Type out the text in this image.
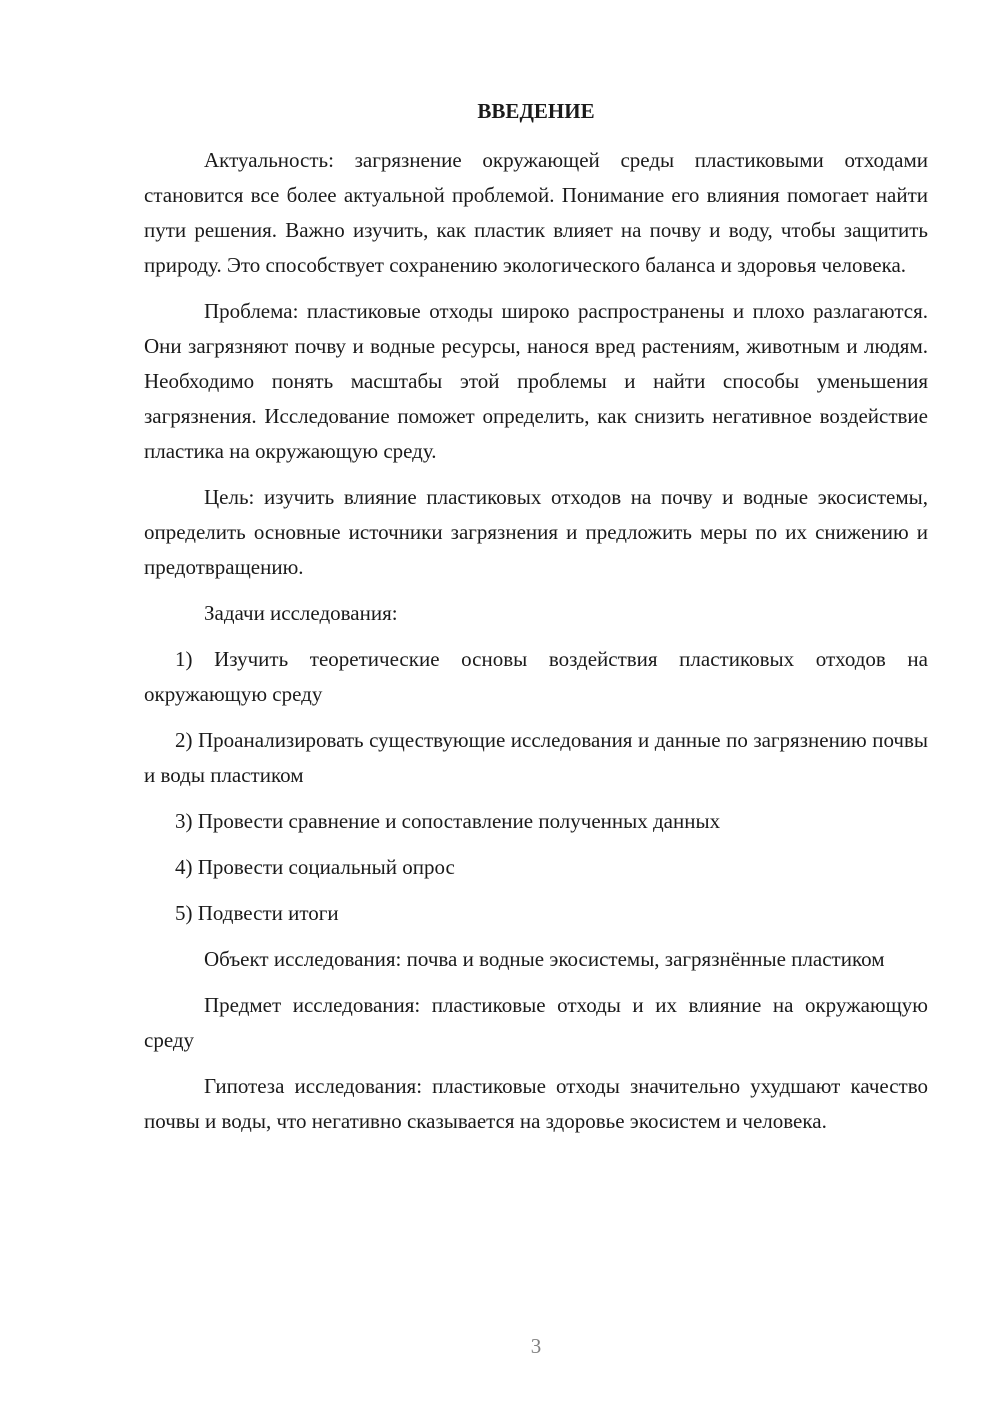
ВВЕДЕНИЕ

Актуальность: загрязнение окружающей среды пластиковыми отходами становится все более актуальной проблемой. Понимание его влияния помогает найти пути решения. Важно изучить, как пластик влияет на почву и воду, чтобы защитить природу. Это способствует сохранению экологического баланса и здоровья человека.

Проблема: пластиковые отходы широко распространены и плохо разлагаются. Они загрязняют почву и водные ресурсы, нанося вред растениям, животным и людям. Необходимо понять масштабы этой проблемы и найти способы уменьшения загрязнения. Исследование поможет определить, как снизить негативное воздействие пластика на окружающую среду.

Цель: изучить влияние пластиковых отходов на почву и водные экосистемы, определить основные источники загрязнения и предложить меры по их снижению и предотвращению.

Задачи исследования:

1) Изучить теоретические основы воздействия пластиковых отходов на окружающую среду

2) Проанализировать существующие исследования и данные по загрязнению почвы и воды пластиком

3) Провести сравнение и сопоставление полученных данных

4) Провести социальный опрос

5) Подвести итоги

Объект исследования: почва и водные экосистемы, загрязнённые пластиком

Предмет исследования: пластиковые отходы и их влияние на окружающую среду

Гипотеза исследования: пластиковые отходы значительно ухудшают качество почвы и воды, что негативно сказывается на здоровье экосистем и человека.

3
